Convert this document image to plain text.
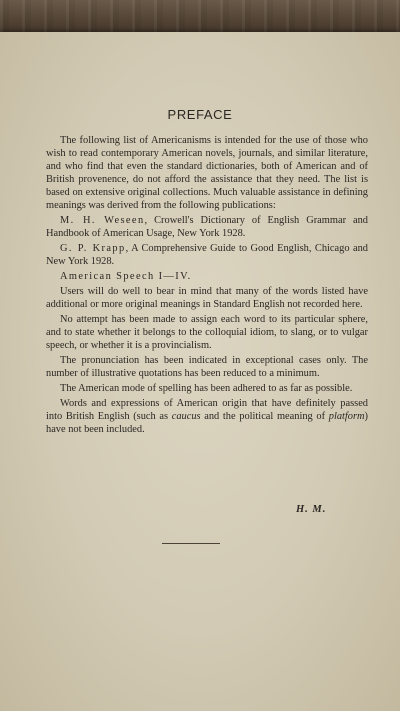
PREFACE

The following list of Americanisms is intended for the use of those who wish to read contemporary American novels, journals, and similar literature, and who find that even the standard dictionaries, both of American and of British provenence, do not afford the assistance that they need. The list is based on extensive original collections. Much valuable assistance in defining meanings was derived from the following publications:

M. H. Weseen, Crowell's Dictionary of English Grammar and Handbook of American Usage, New York 1928.

G. P. Krapp, A Comprehensive Guide to Good English, Chicago and New York 1928.

American Speech I—IV.

Users will do well to bear in mind that many of the words listed have additional or more original meanings in Standard English not recorded here.

No attempt has been made to assign each word to its particular sphere, and to state whether it belongs to the colloquial idiom, to slang, or to vulgar speech, or whether it is a provincialism.

The pronunciation has been indicated in exceptional cases only. The number of illustrative quotations has been reduced to a minimum.

The American mode of spelling has been adhered to as far as possible.

Words and expressions of American origin that have definitely passed into British English (such as caucus and the political meaning of platform) have not been included.

H. M.
